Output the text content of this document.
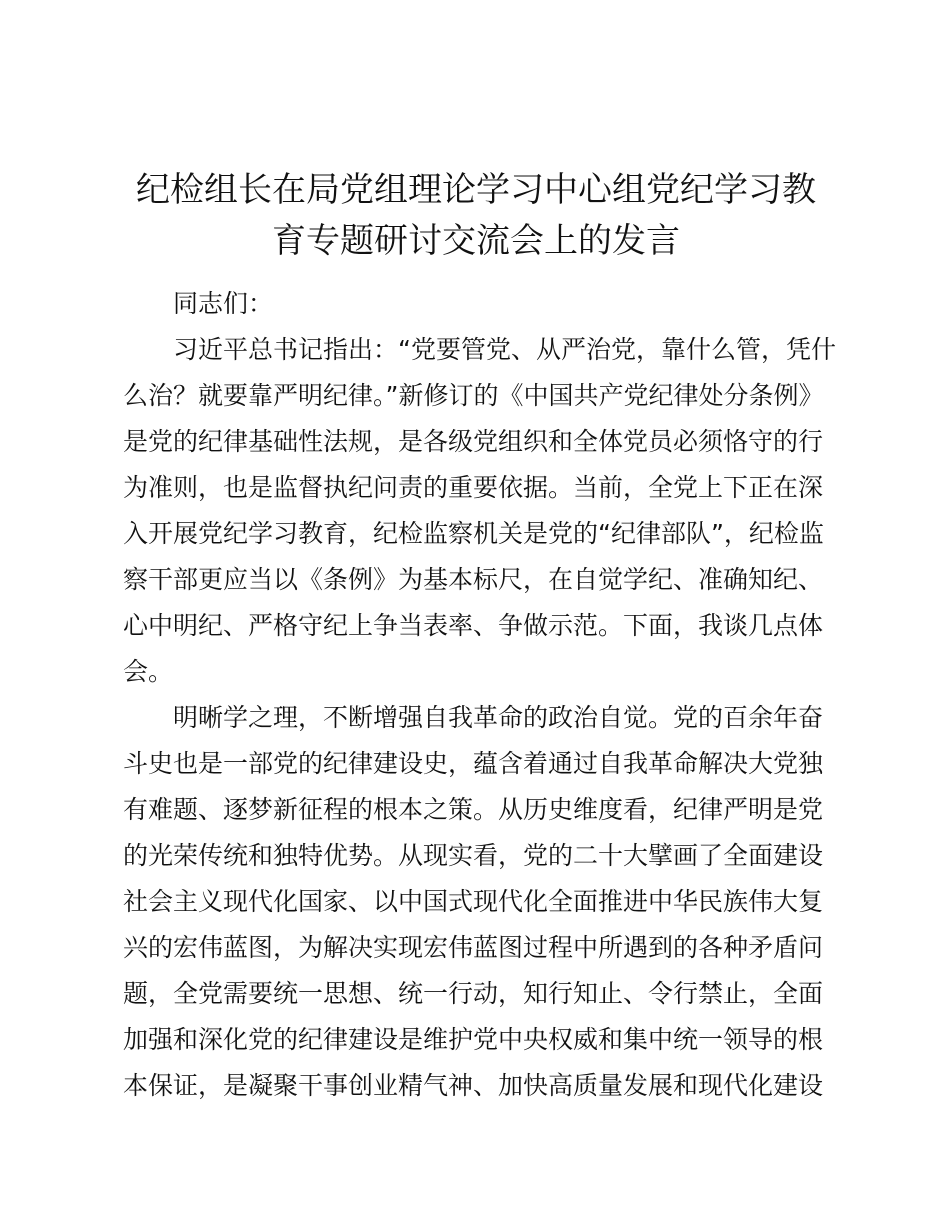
纪检组长在局党组理论学习中心组党纪学习教
育专题研讨交流会上的发言

同志们：

习近平总书记指出：“党要管党、从严治党，靠什么管，凭什
么治？就要靠严明纪律。”新修订的《中国共产党纪律处分条例》
是党的纪律基础性法规，是各级党组织和全体党员必须恪守的行
为准则，也是监督执纪问责的重要依据。当前，全党上下正在深
入开展党纪学习教育，纪检监察机关是党的“纪律部队”，纪检监
察干部更应当以《条例》为基本标尺，在自觉学纪、准确知纪、
心中明纪、严格守纪上争当表率、争做示范。下面，我谈几点体
会。

明晰学之理，不断增强自我革命的政治自觉。党的百余年奋
斗史也是一部党的纪律建设史，蕴含着通过自我革命解决大党独
有难题、逐梦新征程的根本之策。从历史维度看，纪律严明是党
的光荣传统和独特优势。从现实看，党的二十大擘画了全面建设
社会主义现代化国家、以中国式现代化全面推进中华民族伟大复
兴的宏伟蓝图，为解决实现宏伟蓝图过程中所遇到的各种矛盾问
题，全党需要统一思想、统一行动，知行知止、令行禁止，全面
加强和深化党的纪律建设是维护党中央权威和集中统一领导的根
本保证，是凝聚干事创业精气神、加快高质量发展和现代化建设
